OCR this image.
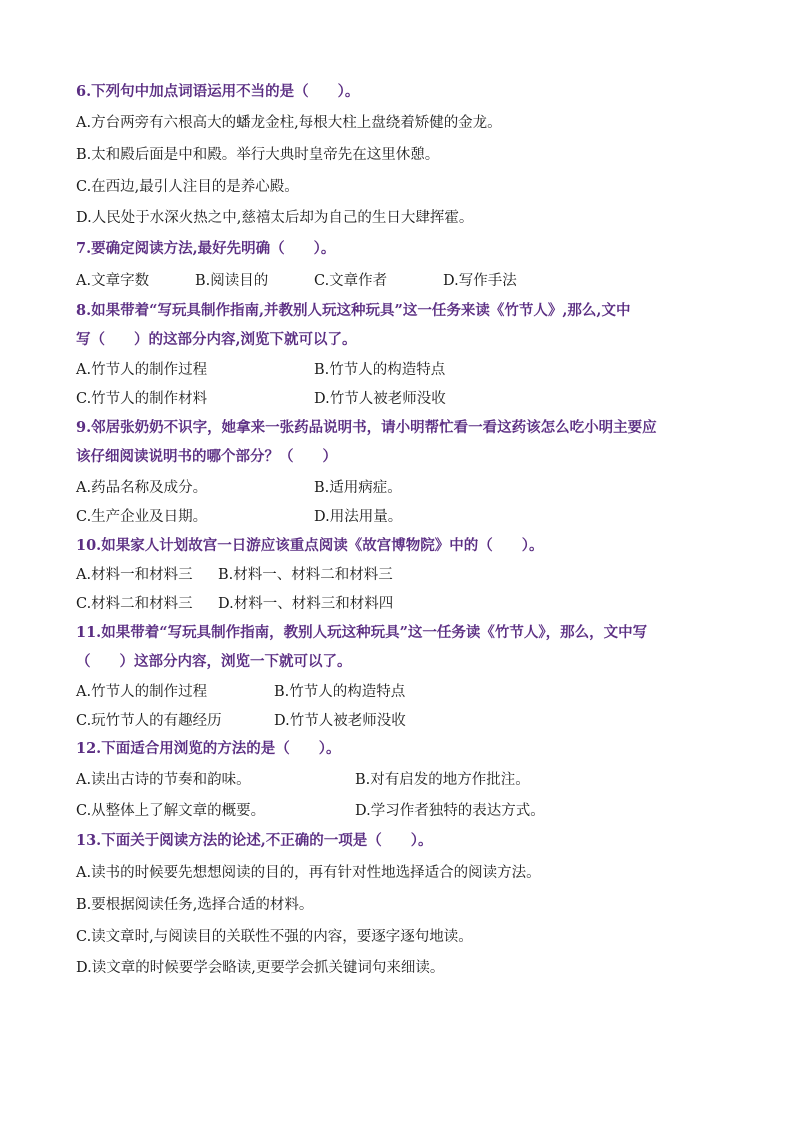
6.下列句中加点词语运用不当的是（　　）。
A.方台两旁有六根高大的蟠龙金柱,每根大柱上盘绕着矫健的金龙。
B.太和殿后面是中和殿。举行大典时皇帝先在这里休憩。
C.在西边,最引人注目的是养心殿。
D.人民处于水深火热之中,慈禧太后却为自己的生日大肆挥霍。
7.要确定阅读方法,最好先明确（　　）。
A.文章字数	B.阅读目的	C.文章作者	D.写作手法
8.如果带着“写玩具制作指南,并教别人玩这种玩具”这一任务来读《竹节人》,那么,文中
写（　　）的这部分内容,浏览下就可以了。
A.竹节人的制作过程	B.竹节人的构造特点
C.竹节人的制作材料	D.竹节人被老师没收
9.邻居张奶奶不识字，她拿来一张药品说明书，请小明帮忙看一看这药该怎么吃小明主要应
该仔细阅读说明书的哪个部分？（　　）
A.药品名称及成分。	B.适用病症。
C.生产企业及日期。	D.用法用量。
10.如果家人计划故宫一日游应该重点阅读《故宫博物院》中的（　　）。
A.材料一和材料三 B.材料一、材料二和材料三
C.材料二和材料三 D.材料一、材料三和材料四
11.如果带着“写玩具制作指南，教别人玩这种玩具”这一任务读《竹节人》，那么，文中写
（　　）这部分内容，浏览一下就可以了。
A.竹节人的制作过程	B.竹节人的构造特点
C.玩竹节人的有趣经历	D.竹节人被老师没收
12.下面适合用浏览的方法的是（　　）。
A.读出古诗的节奏和韵味。	B.对有启发的地方作批注。
C.从整体上了解文章的概要。	D.学习作者独特的表达方式。
13.下面关于阅读方法的论述,不正确的一项是（　　）。
A.读书的时候要先想想阅读的目的，再有针对性地选择适合的阅读方法。
B.要根据阅读任务,选择合适的材料。
C.读文章时,与阅读目的关联性不强的内容，要逐字逐句地读。
D.读文章的时候要学会略读,更要学会抓关键词句来细读。
